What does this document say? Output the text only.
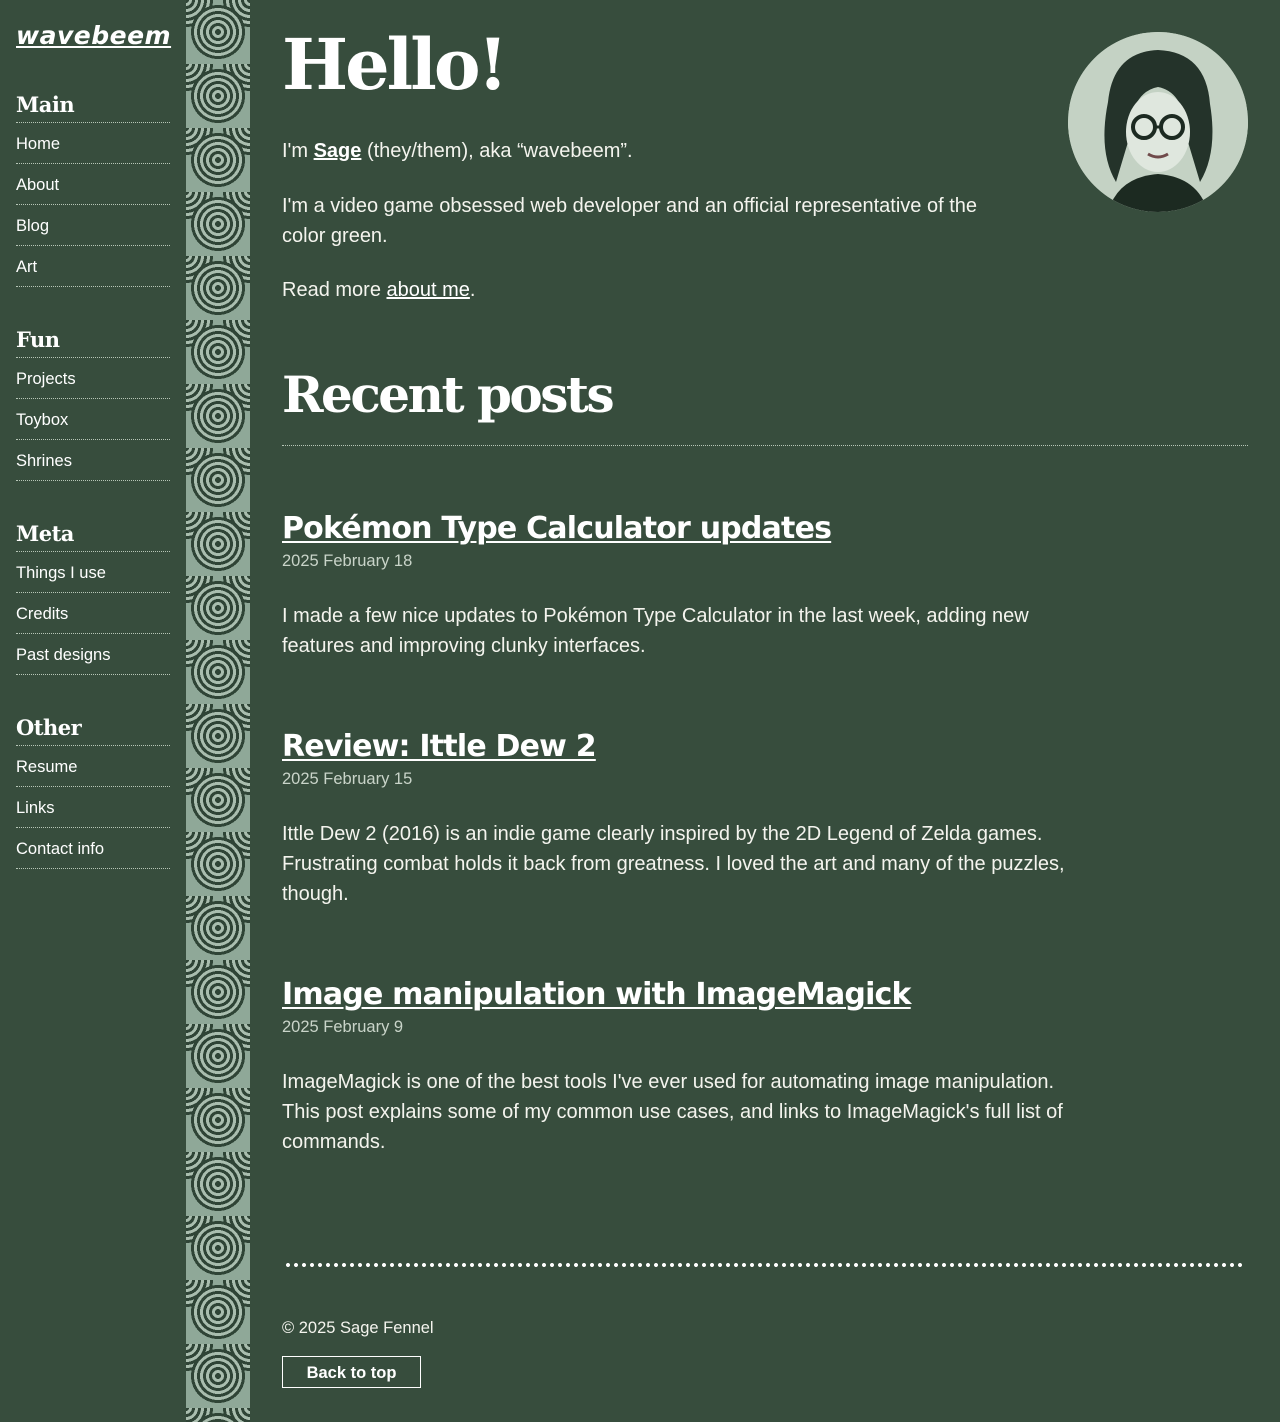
wavebeem
Main
Home
About
Blog
Art
Fun
Projects
Toybox
Shrines
Meta
Things I use
Credits
Past designs
Other
Resume
Links
Contact info
Hello!

I'm Sage (they/them), aka “wavebeem”.

I'm a video game obsessed web developer and an official representative of the color green.

Read more about me.

Recent posts
Pokémon Type Calculator updates
2025 February 18

I made a few nice updates to Pokémon Type Calculator in the last week, adding new features and improving clunky interfaces.

Review: Ittle Dew 2
2025 February 15

Ittle Dew 2 (2016) is an indie game clearly inspired by the 2D Legend of Zelda games. Frustrating combat holds it back from greatness. I loved the art and many of the puzzles, though.

Image manipulation with ImageMagick
2025 February 9

ImageMagick is one of the best tools I've ever used for automating image manipulation. This post explains some of my common use cases, and links to ImageMagick's full list of commands.

© 2025 Sage Fennel
Back to top
